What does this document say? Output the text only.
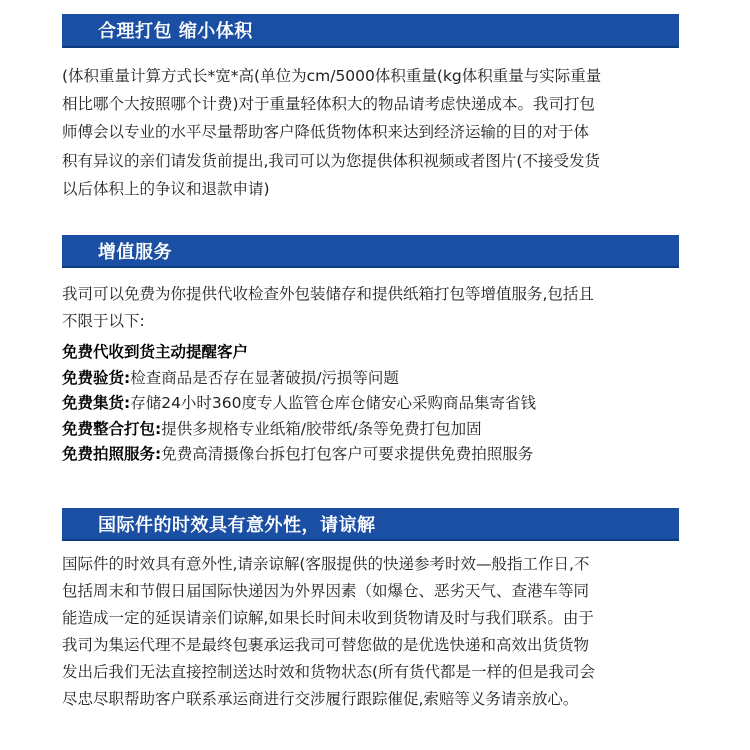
合理打包 缩小体积
(体积重量计算方式长*宽*高(单位为cm/5000体积重量(kg体积重量与实际重量
相比哪个大按照哪个计费)对于重量轻体积大的物品请考虑快递成本。我司打包
师傅会以专业的水平尽量帮助客户降低货物体积来达到经济运输的目的对于体
积有异议的亲们请发货前提出,我司可以为您提供体积视频或者图片(不接受发货
以后体积上的争议和退款申请)
增值服务
我司可以免费为你提供代收检查外包装储存和提供纸箱打包等增值服务,包括且
不限于以下:
免费代收到货主动提醒客户
免费验货:检查商品是否存在显著破损/污损等问题
免费集货:存储24小时360度专人监管仓库仓储安心采购商品集寄省钱
免费整合打包:提供多规格专业纸箱/胶带纸/条等免费打包加固
免费拍照服务:免费高清摄像台拆包打包客户可要求提供免费拍照服务
国际件的时效具有意外性，请谅解
国际件的时效具有意外性,请亲谅解(客服提供的快递参考时效—般指工作日,不
包括周末和节假日届国际快递因为外界因素（如爆仓、恶劣天气、查港车等同
能造成一定的延误请亲们谅解,如果长时间未收到货物请及时与我们联系。由于
我司为集运代理不是最终包裹承运我司可替您做的是优选快递和高效出货货物
发出后我们无法直接控制送达时效和货物状态(所有货代都是一样的但是我司会
尽忠尽职帮助客户联系承运商进行交涉履行跟踪催促,索赔等义务请亲放心。
